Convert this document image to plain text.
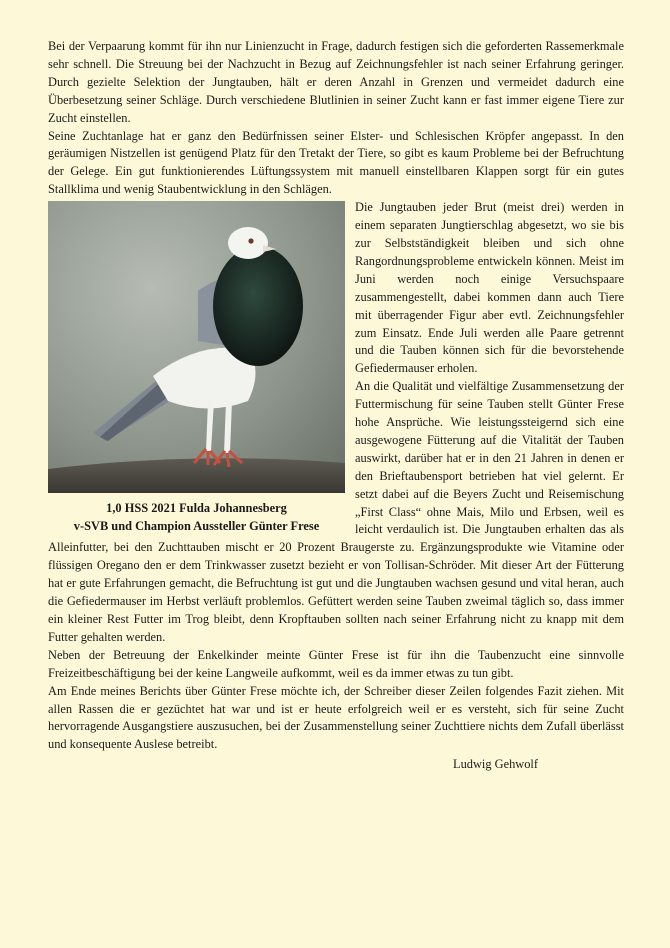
Bei der Verpaarung kommt für ihn nur Linienzucht in Frage, dadurch festigen sich die geforderten Rassemerkmale sehr schnell. Die Streuung bei der Nachzucht in Bezug auf Zeichnungsfehler ist nach seiner Erfahrung geringer. Durch gezielte Selektion der Jungtauben, hält er deren Anzahl in Grenzen und vermeidet dadurch eine Überbesetzung seiner Schläge. Durch verschiedene Blutlinien in seiner Zucht kann er fast immer eigene Tiere zur Zucht einstellen.

Seine Zuchtanlage hat er ganz den Bedürfnissen seiner Elster- und Schlesischen Kröpfer angepasst. In den geräumigen Nistzellen ist genügend Platz für den Tretakt der Tiere, so gibt es kaum Probleme bei der Befruchtung der Gelege. Ein gut funktionierendes Lüftungssystem mit manuell einstellbaren Klappen sorgt für ein gutes Stallklima und wenig Staubentwicklung in den Schlägen.

1,0 HSS 2021 Fulda Johannesberg
v-SVB und Champion Aussteller Günter Frese

Die Jungtauben jeder Brut (meist drei) werden in einem separaten Jungtierschlag abgesetzt, wo sie bis zur Selbstständigkeit bleiben und sich ohne Rangordnungsprobleme entwickeln können. Meist im Juni werden noch einige Versuchspaare zusammengestellt, dabei kommen dann auch Tiere mit überragender Figur aber evtl. Zeichnungsfehler zum Einsatz. Ende Juli werden alle Paare getrennt und die Tauben können sich für die bevorstehende Gefiedermauser erholen.

An die Qualität und vielfältige Zusammensetzung der Futtermischung für seine Tauben stellt Günter Frese hohe Ansprüche. Wie leistungssteigernd sich eine ausgewogene Fütterung auf die Vitalität der Tauben auswirkt, darüber hat er in den 21 Jahren in denen er den Brieftaubensport betrieben hat viel gelernt. Er setzt dabei auf die Beyers Zucht und Reisemischung „First Class“ ohne Mais, Milo und Erbsen, weil es leicht verdaulich ist. Die Jungtauben erhalten das als Alleinfutter, bei den Zuchttauben mischt er 20 Prozent Braugerste zu. Ergänzungsprodukte wie Vitamine oder flüssigen Oregano den er dem Trinkwasser zusetzt bezieht er von Tollisan-Schröder. Mit dieser Art der Fütterung hat er gute Erfahrungen gemacht, die Befruchtung ist gut und die Jungtauben wachsen gesund und vital heran, auch die Gefiedermauser im Herbst verläuft problemlos. Gefüttert werden seine Tauben zweimal täglich so, dass immer ein kleiner Rest Futter im Trog bleibt, denn Kropftauben sollten nach seiner Erfahrung nicht zu knapp mit dem Futter gehalten werden.

Neben der Betreuung der Enkelkinder meinte Günter Frese ist für ihn die Taubenzucht eine sinnvolle Freizeitbeschäftigung bei der keine Langweile aufkommt, weil es da immer etwas zu tun gibt.

Am Ende meines Berichts über Günter Frese möchte ich, der Schreiber dieser Zeilen folgendes Fazit ziehen. Mit allen Rassen die er gezüchtet hat war und ist er heute erfolgreich weil er es versteht, sich für seine Zucht hervorragende Ausgangstiere auszusuchen, bei der Zusammenstellung seiner Zuchttiere nichts dem Zufall überlässt und konsequente Auslese betreibt.

Ludwig Gehwolf
